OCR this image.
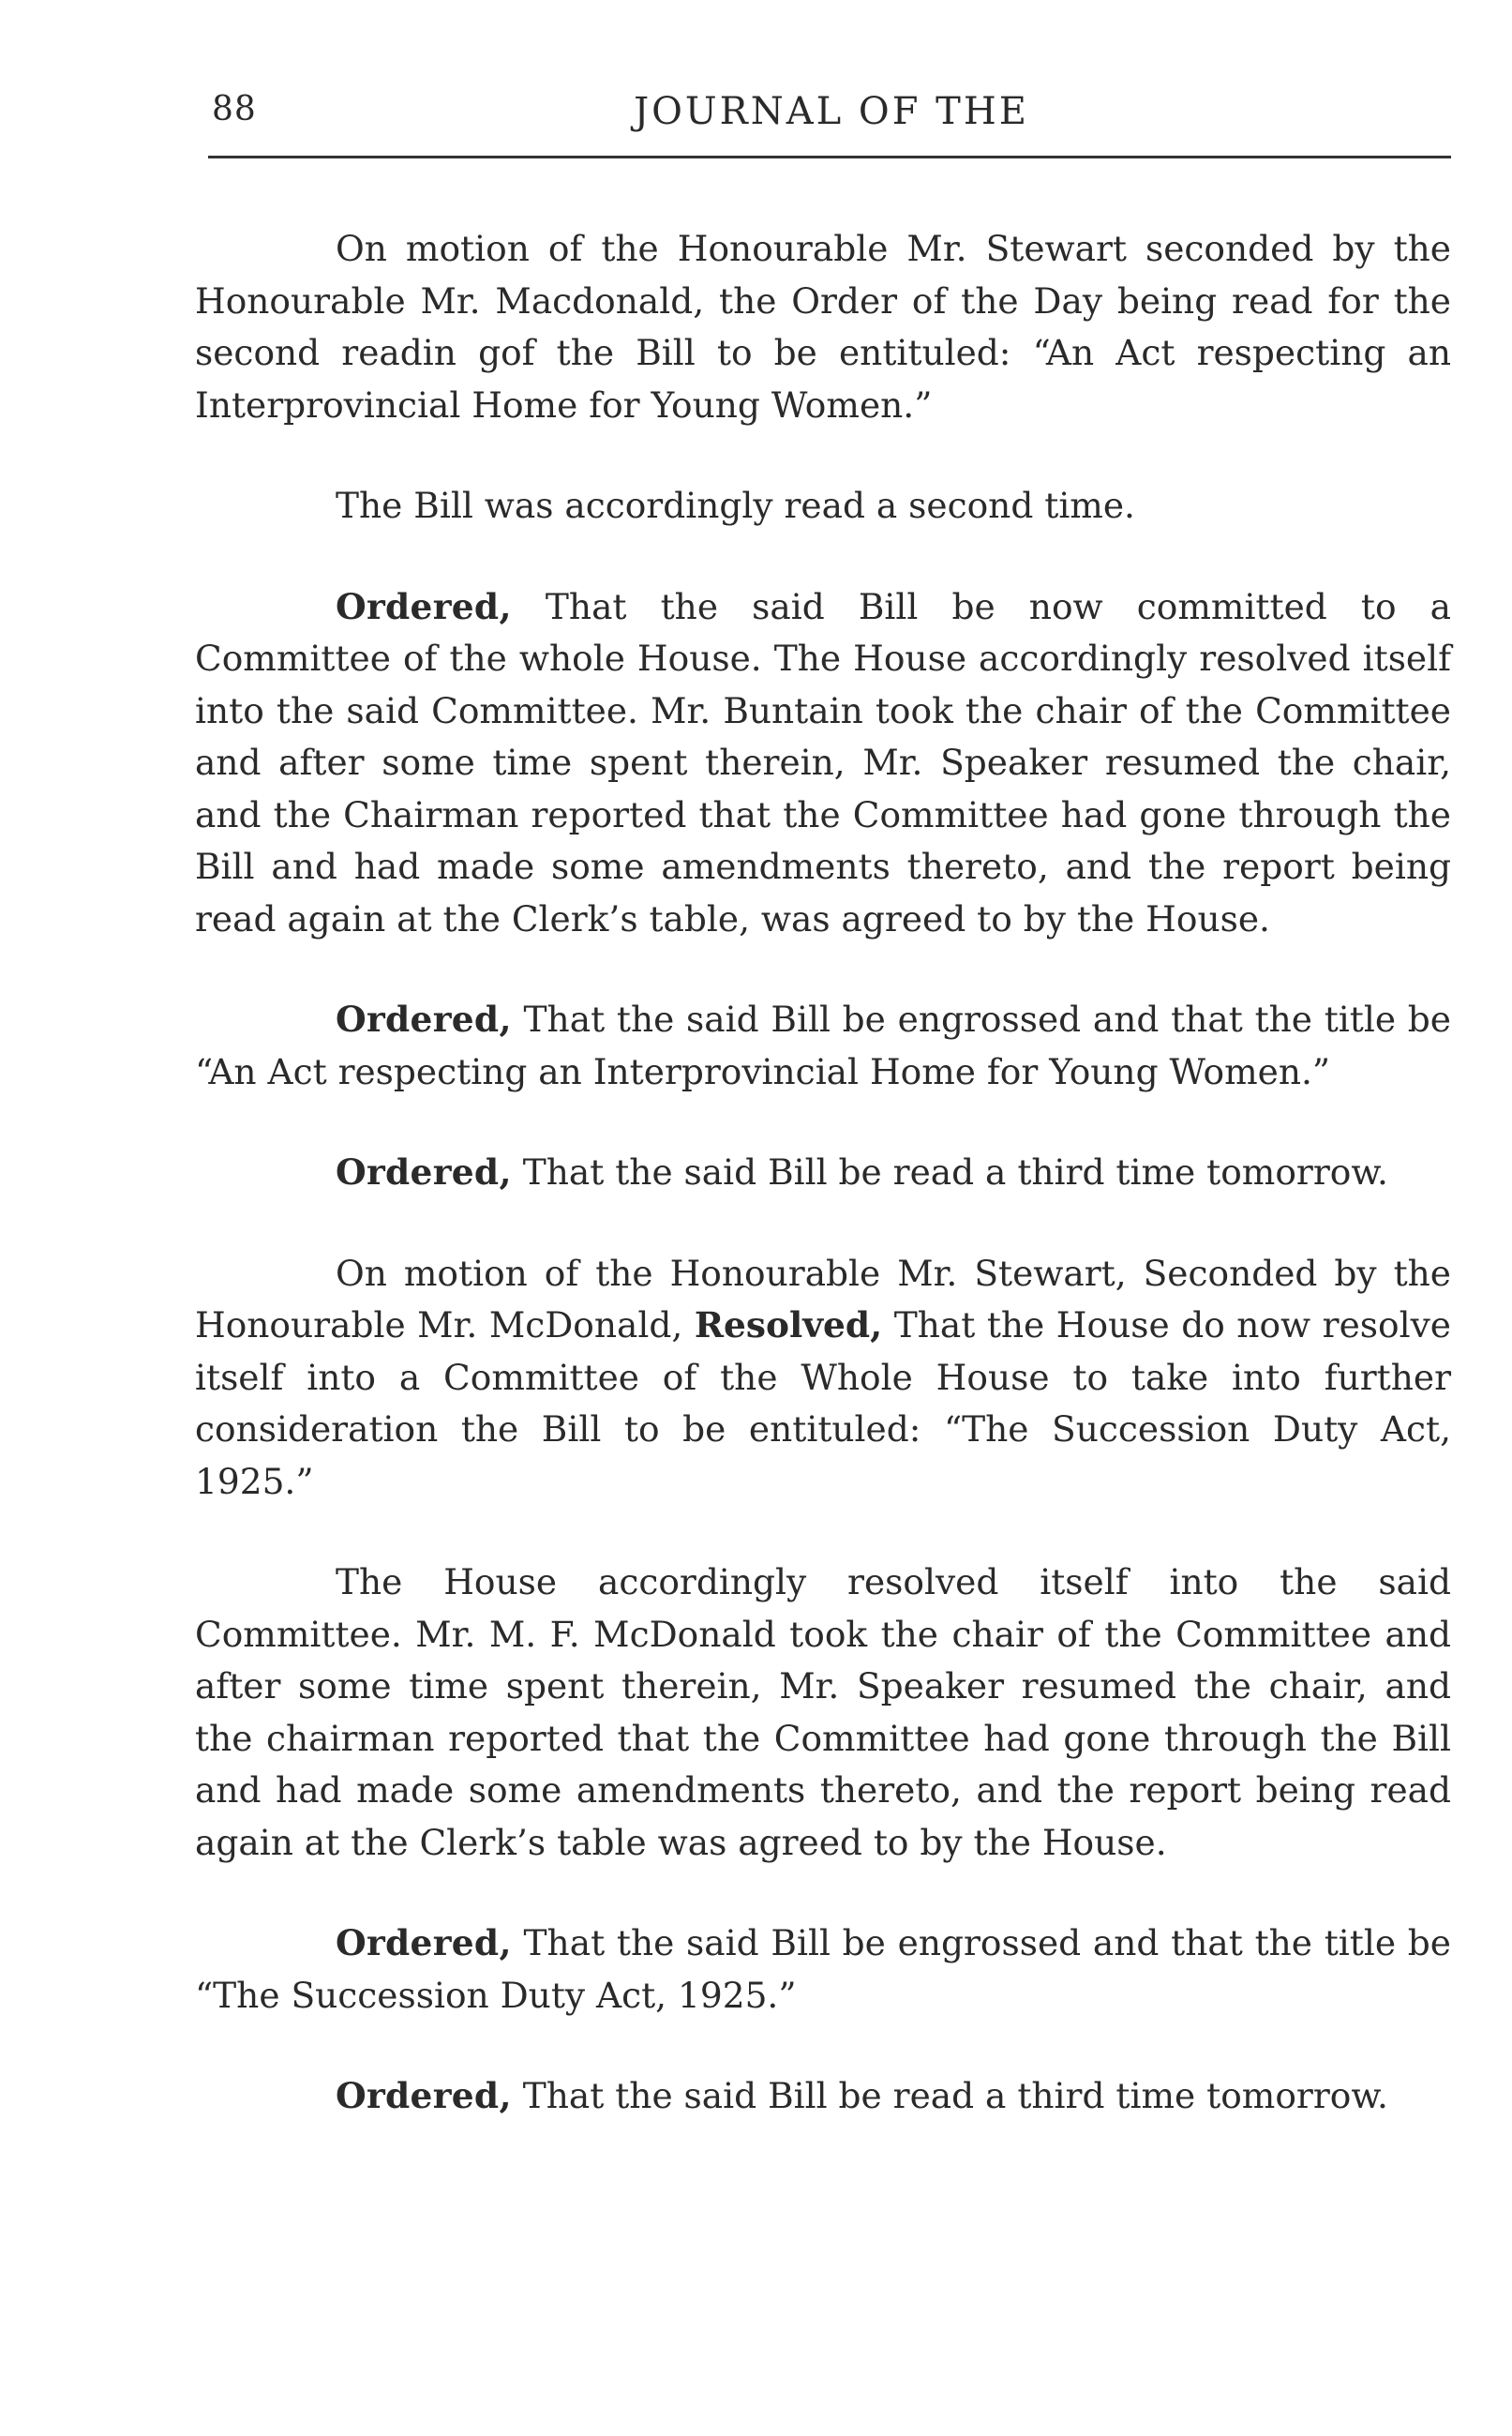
88	JOURNAL OF THE

On motion of the Honourable Mr. Stewart seconded by the Honourable Mr. Macdonald, the Order of the Day being read for the second readin gof the Bill to be entituled: “An Act respecting an Interprovincial Home for Young Women.”

The Bill was accordingly read a second time.

Ordered, That the said Bill be now committed to a Committee of the whole House. The House accordingly resolved itself into the said Committee. Mr. Buntain took the chair of the Committee and after some time spent therein, Mr. Speaker resumed the chair, and the Chairman reported that the Committee had gone through the Bill and had made some amendments thereto, and the report being read again at the Clerk’s table, was agreed to by the House.

Ordered, That the said Bill be engrossed and that the title be “An Act respecting an Interprovincial Home for Young Women.”

Ordered, That the said Bill be read a third time tomorrow.

On motion of the Honourable Mr. Stewart, Seconded by the Honourable Mr. McDonald, Resolved, That the House do now resolve itself into a Committee of the Whole House to take into further consideration the Bill to be entituled: “The Succession Duty Act, 1925.”

The House accordingly resolved itself into the said Committee. Mr. M. F. McDonald took the chair of the Committee and after some time spent therein, Mr. Speaker resumed the chair, and the chairman reported that the Committee had gone through the Bill and had made some amendments thereto, and the report being read again at the Clerk’s table was agreed to by the House.

Ordered, That the said Bill be engrossed and that the title be “The Succession Duty Act, 1925.”

Ordered, That the said Bill be read a third time tomorrow.
